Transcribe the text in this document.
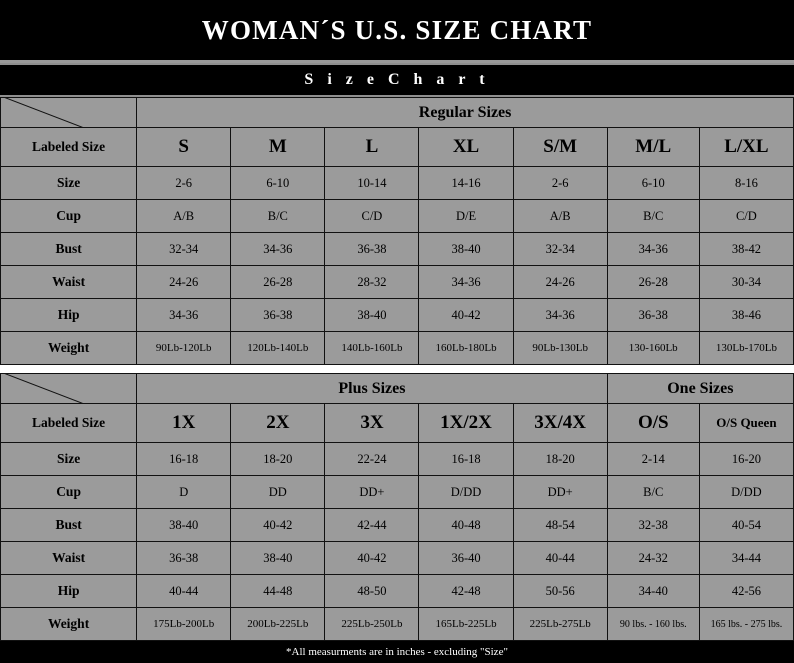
WOMAN´S U.S. SIZE CHART
S i z e C h a r t
	Regular Sizes						
Labeled Size	S	M	L	XL	S/M	M/L	L/XL
Size	2-6	6-10	10-14	14-16	2-6	6-10	8-16
Cup	A/B	B/C	C/D	D/E	A/B	B/C	C/D
Bust	32-34	34-36	36-38	38-40	32-34	34-36	38-42
Waist	24-26	26-28	28-32	34-36	24-26	26-28	30-34
Hip	34-36	36-38	38-40	40-42	34-36	36-38	38-46
Weight	90Lb-120Lb	120Lb-140Lb	140Lb-160Lb	160Lb-180Lb	90Lb-130Lb	130-160Lb	130Lb-170Lb
	Plus Sizes					One Sizes	
Labeled Size	1X	2X	3X	1X/2X	3X/4X	O/S	O/S Queen
Size	16-18	18-20	22-24	16-18	18-20	2-14	16-20
Cup	D	DD	DD+	D/DD	DD+	B/C	D/DD
Bust	38-40	40-42	42-44	40-48	48-54	32-38	40-54
Waist	36-38	38-40	40-42	36-40	40-44	24-32	34-44
Hip	40-44	44-48	48-50	42-48	50-56	34-40	42-56
Weight	175Lb-200Lb	200Lb-225Lb	225Lb-250Lb	165Lb-225Lb	225Lb-275Lb	90 lbs. - 160 lbs.	165 lbs. - 275 lbs.
*All measurments are in inches - excluding "Size"
